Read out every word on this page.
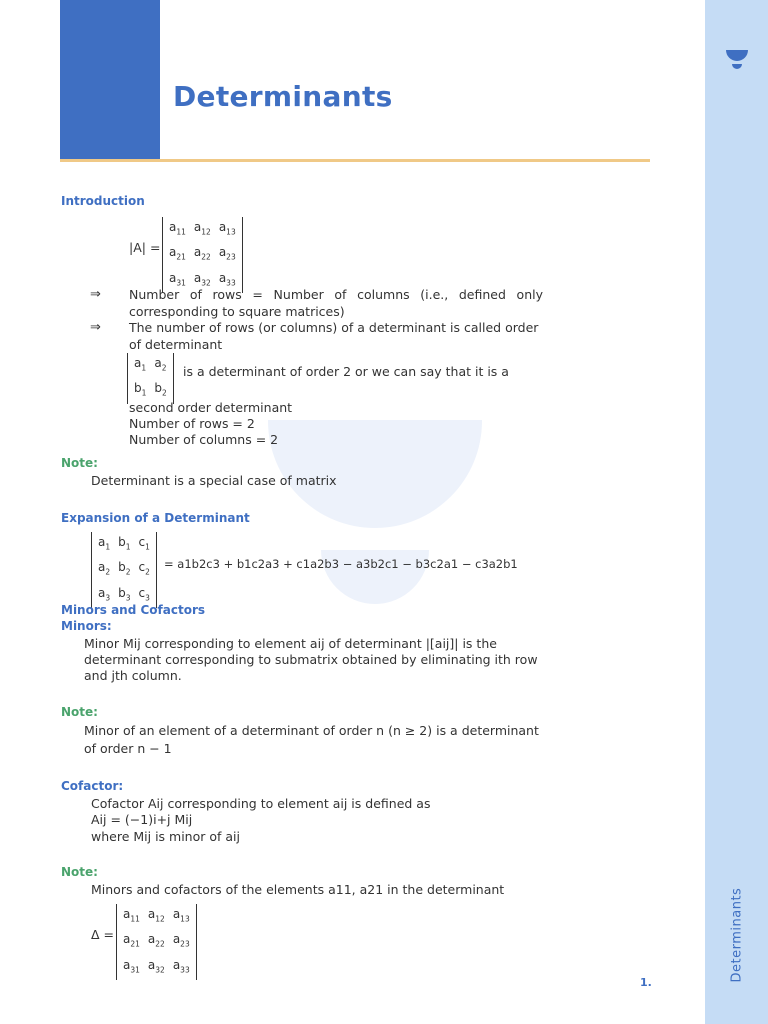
Determinants
Determinants
Introduction
|A| =
$a_{11}$	$a_{12}$	$a_{13}$
$a_{21}$	$a_{22}$	$a_{23}$
$a_{31}$	$a_{32}$	$a_{33}$
⇒ Number of rows = Number of columns (i.e., defined only corresponding to square matrices)
⇒ The number of rows (or columns) of a determinant is called order of determinant
$a_1$	$a_2$
$b_1$	$b_2$
is a determinant of order 2 or we can say that it is a
second order determinant
Number of rows = 2
Number of columns = 2
Note:
Determinant is a special case of matrix
Expansion of a Determinant
$a_1$	$b_1$	$c_1$
$a_2$	$b_2$	$c_2$
$a_3$	$b_3$	$c_3$
= a1b2c3 + b1c2a3 + c1a2b3 − a3b2c1 − b3c2a1 − c3a2b1
Minors and Cofactors
Minors:
Minor Mij corresponding to element aij of determinant |[aij]| is the
determinant corresponding to submatrix obtained by eliminating ith row
and jth column.
Note:
Minor of an element of a determinant of order n (n ≥ 2) is a determinant of order n − 1
Cofactor:
Cofactor Aij corresponding to element aij is defined as
Aij = (−1)i+j Mij
where Mij is minor of aij
Note:
Minors and cofactors of the elements a11, a21 in the determinant
Δ =
$a_{11}$	$a_{12}$	$a_{13}$
$a_{21}$	$a_{22}$	$a_{23}$
$a_{31}$	$a_{32}$	$a_{33}$
1.
